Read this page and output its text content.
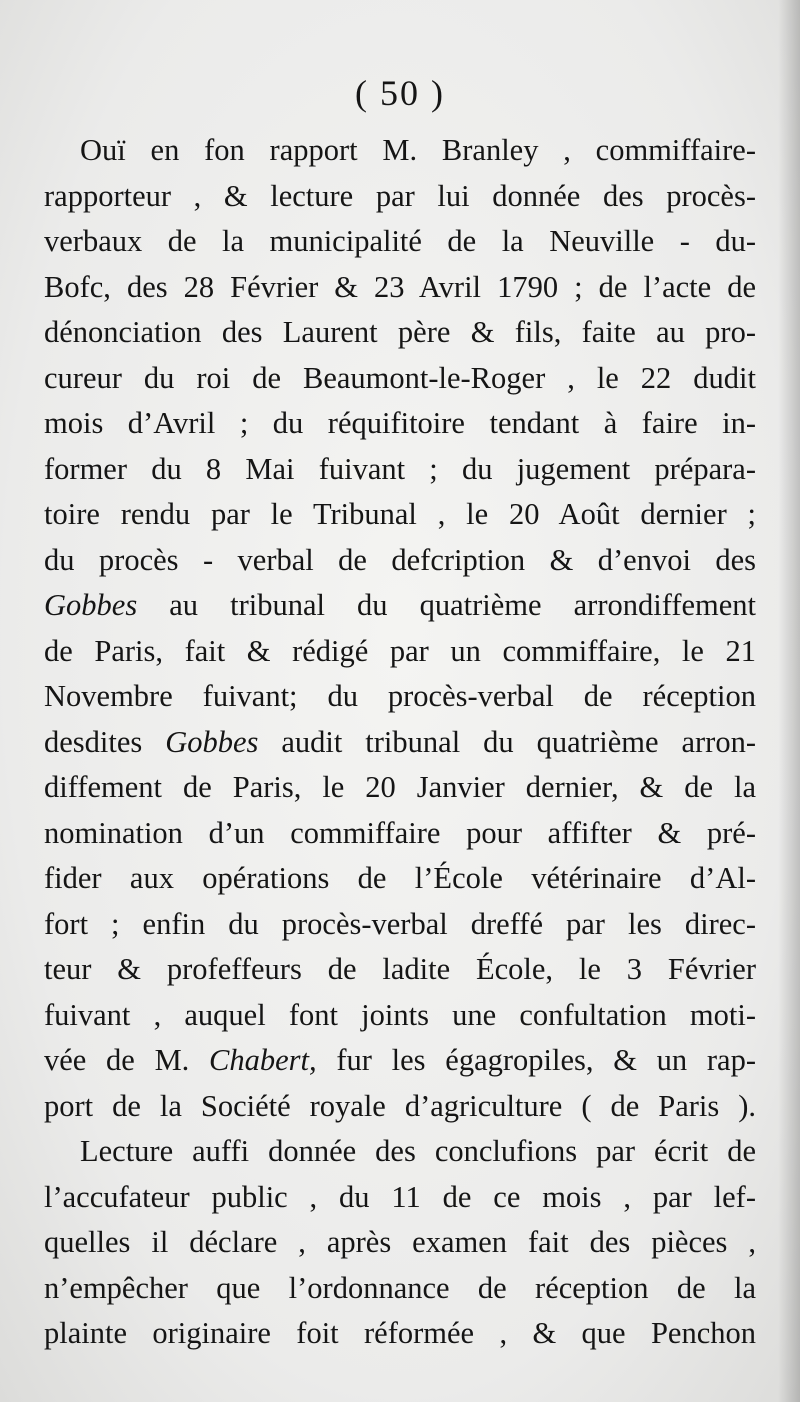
( 50 )
Ouï en fon rapport M. Branley , commiffaire-
rapporteur , & lecture par lui donnée des procès-
verbaux de la municipalité de la Neuville - du-
Bofc, des 28 Février & 23 Avril 1790 ; de l’acte de
dénonciation des Laurent père & fils, faite au pro-
cureur du roi de Beaumont-le-Roger , le 22 dudit
mois d’Avril ; du réquifitoire tendant à faire in-
former du 8 Mai fuivant ; du jugement prépara-
toire rendu par le Tribunal , le 20 Août dernier ;
du procès - verbal de defcription & d’envoi des
Gobbes au tribunal du quatrième arrondiffement
de Paris, fait & rédigé par un commiffaire, le 21
Novembre fuivant; du procès-verbal de réception
desdites Gobbes audit tribunal du quatrième arron-
diffement de Paris, le 20 Janvier dernier, & de la
nomination d’un commiffaire pour affifter & pré-
fider aux opérations de l’École vétérinaire d’Al-
fort ; enfin du procès-verbal dreffé par les direc-
teur & profeffeurs de ladite École, le 3 Février
fuivant , auquel font joints une confultation moti-
vée de M. Chabert, fur les égagropiles, & un rap-
port de la Société royale d’agriculture ( de Paris ).
Lecture auffi donnée des conclufions par écrit de
l’accufateur public , du 11 de ce mois , par lef-
quelles il déclare , après examen fait des pièces ,
n’empêcher que l’ordonnance de réception de la
plainte originaire foit réformée , & que Penchon
